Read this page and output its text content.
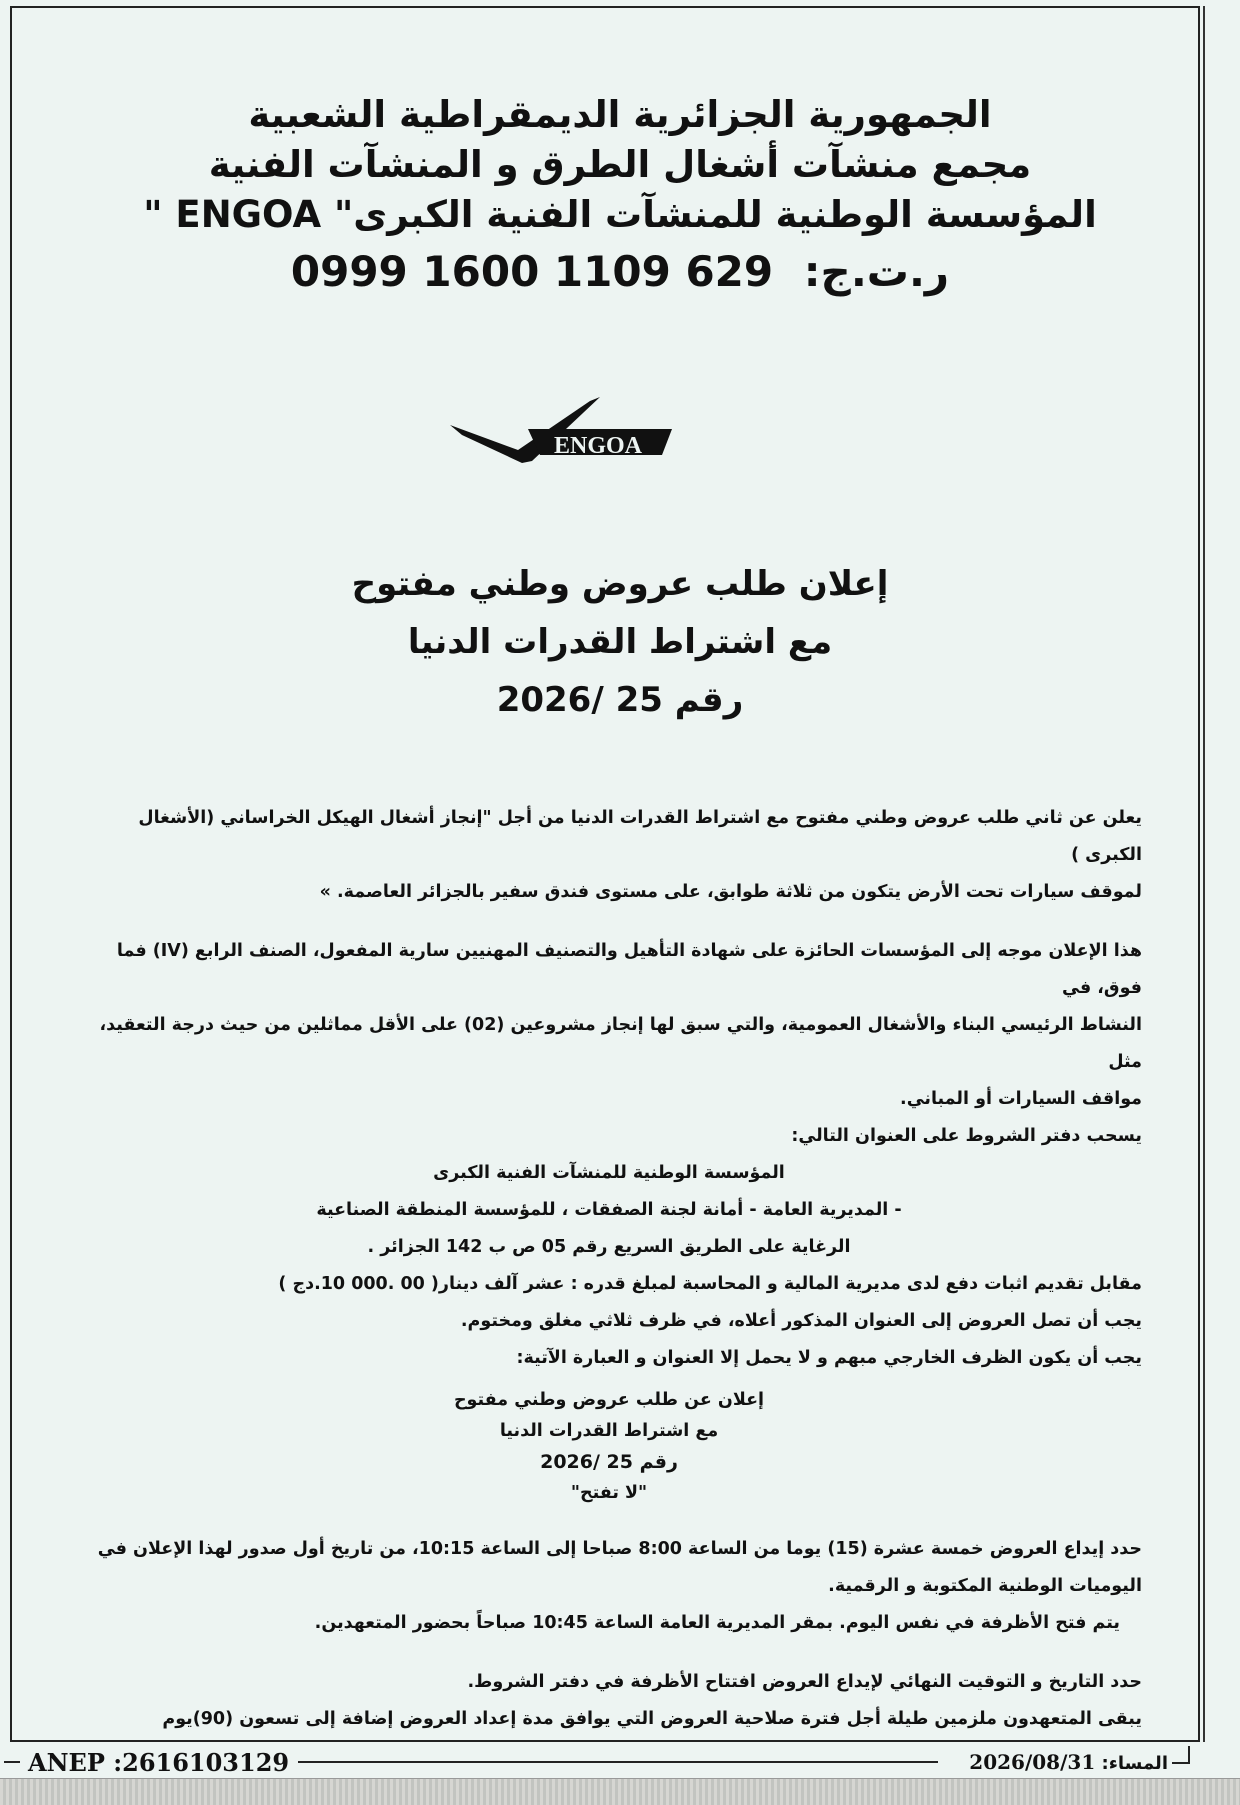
الجمهورية الجزائرية الديمقراطية الشعبية
مجمع منشآت أشغال الطرق و المنشآت الفنية
المؤسسة الوطنية للمنشآت الفنية الكبرى" ENGOA "
ر.ت.ج: 0999 1600 1109 629
ENGOA
إعلان طلب عروض وطني مفتوح
مع اشتراط القدرات الدنيا
رقم 25 /2026

يعلن عن ثاني طلب عروض وطني مفتوح مع اشتراط القدرات الدنيا من أجل "إنجاز أشغال الهيكل الخراساني (الأشغال الكبرى )

لموقف سيارات تحت الأرض يتكون من ثلاثة طوابق، على مستوى فندق سفير بالجزائر العاصمة. »

هذا الإعلان موجه إلى المؤسسات الحائزة على شهادة التأهيل والتصنيف المهنيين سارية المفعول، الصنف الرابع (IV) فما فوق، في

النشاط الرئيسي البناء والأشغال العمومية، والتي سبق لها إنجاز مشروعين (02) على الأقل مماثلين من حيث درجة التعقيد، مثل

مواقف السيارات أو المباني.

يسحب دفتر الشروط على العنوان التالي:

المؤسسة الوطنية للمنشآت الفنية الكبرى

- المديرية العامة - أمانة لجنة الصفقات ، للمؤسسة المنطقة الصناعية

الرغاية على الطريق السريع رقم 05 ص ب 142 الجزائر .

مقابل تقديم اثبات دفع لدى مديرية المالية و المحاسبة لمبلغ قدره : عشر آلف دينار( 00 .000 10.دج )

يجب أن تصل العروض إلى العنوان المذكور أعلاه، في ظرف ثلاثي مغلق ومختوم.

يجب أن يكون الظرف الخارجي مبهم و لا يحمل إلا العنوان و العبارة الآتية:

إعلان عن طلب عروض وطني مفتوح
مع اشتراط القدرات الدنيا
رقم 25 /2026
"لا تفتح"

حدد إيداع العروض خمسة عشرة (15) يوما من الساعة 8:00 صباحا إلى الساعة 10:15، من تاريخ أول صدور لهذا الإعلان في

اليوميات الوطنية المكتوبة و الرقمية.

يتم فتح الأظرفة في نفس اليوم. بمقر المديرية العامة الساعة 10:45 صباحاً بحضور المتعهدين.

حدد التاريخ و التوقيت النهائي لإيداع العروض افتتاح الأظرفة في دفتر الشروط.

يبقى المتعهدون ملزمين طيلة أجل فترة صلاحية العروض التي يوافق مدة إعداد العروض إضافة إلى تسعون (90)يوم

ANEP :2616103129	المساء: 2026/08/31
